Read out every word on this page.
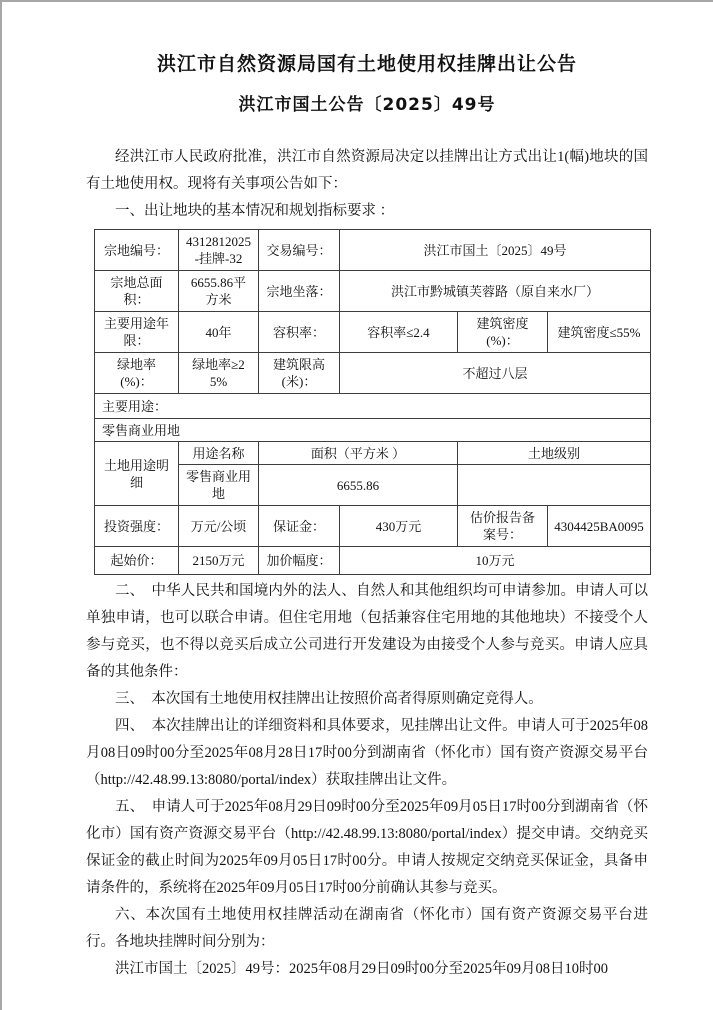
洪江市自然资源局国有土地使用权挂牌出让公告
洪江市国土公告〔2025〕49号

经洪江市人民政府批准，洪江市自然资源局决定以挂牌出让方式出让1(幅)地块的国有土地使用权。现将有关事项公告如下：

一、出让地块的基本情况和规划指标要求 ：

宗地编号：	4312812025-挂牌-32	交易编号：	洪江市国土〔2025〕49号		
宗地总面积：	6655.86平方米	宗地坐落：	洪江市黔城镇芙蓉路（原自来水厂）		
主要用途年限：	40年	容积率：	容积率≤2.4	建筑密度(%)：	建筑密度≤55%
绿地率(%)：	绿地率≥25%	建筑限高(米)：	不超过八层		
主要用途：					
零售商业用地					
土地用途明细	用途名称	面积（平方米 ）		土地级别	
	零售商业用地	6655.86			
投资强度：	万元/公顷	保证金：	430万元	估价报告备案号：	4304425BA0095
起始价：	2150万元	加价幅度：	10万元		

二、　中华人民共和国境内外的法人、自然人和其他组织均可申请参加。申请人可以单独申请，也可以联合申请。但住宅用地（包括兼容住宅用地的其他地块）不接受个人参与竞买，也不得以竞买后成立公司进行开发建设为由接受个人参与竞买。申请人应具备的其他条件：

三、　本次国有土地使用权挂牌出让按照价高者得原则确定竞得人。

四、　本次挂牌出让的详细资料和具体要求，见挂牌出让文件。申请人可于2025年08月08日09时00分至2025年08月28日17时00分到湖南省（怀化市）国有资产资源交易平台（http://42.48.99.13:8080/portal/index）获取挂牌出让文件。

五、　申请人可于2025年08月29日09时00分至2025年09月05日17时00分到湖南省（怀化市）国有资产资源交易平台（http://42.48.99.13:8080/portal/index）提交申请。交纳竞买保证金的截止时间为2025年09月05日17时00分。申请人按规定交纳竞买保证金，具备申请条件的，系统将在2025年09月05日17时00分前确认其参与竞买。

六、本次国有土地使用权挂牌活动在湖南省（怀化市）国有资产资源交易平台进行。各地块挂牌时间分别为：

洪江市国土〔2025〕49号：2025年08月29日09时00分至2025年09月08日10时00
